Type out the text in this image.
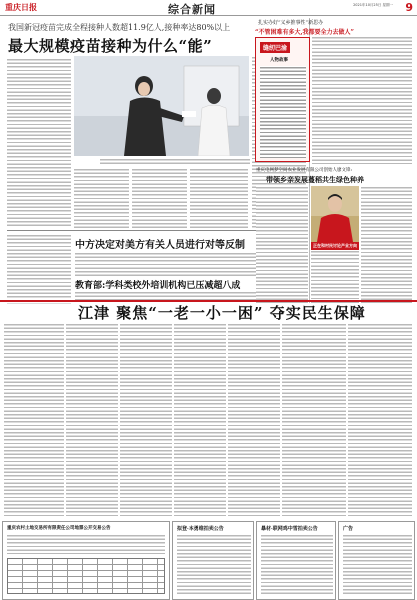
重庆日报	综合新闻	2021年10月25日 星期一 9
我国新冠疫苗完成全程接种人数超11.9亿人,接种率达80%以上
最大规模疫苗接种为什么“能”
中方决定对美方有关人员进行对等反制
教育部:学科类校外培训机构已压减超八成
扎实办好“义乡推事性”新思办
“不管困难有多大,我都要全力去做人”
缝纫巴渝
人物故事
重庆电网梦空间农业发展有限公司创始人廖文锋:
带领乡亲发展蔓稻共生绿色种养
正在和村民讨论产业方向
江津 聚焦“一老一小一困” 夺实民生保障
重庆农村土地交易所有限责任公司地票公开交易公告	拟登·本勇维拍卖公告	暴材·联网鸡中雪拍卖公告	广告
